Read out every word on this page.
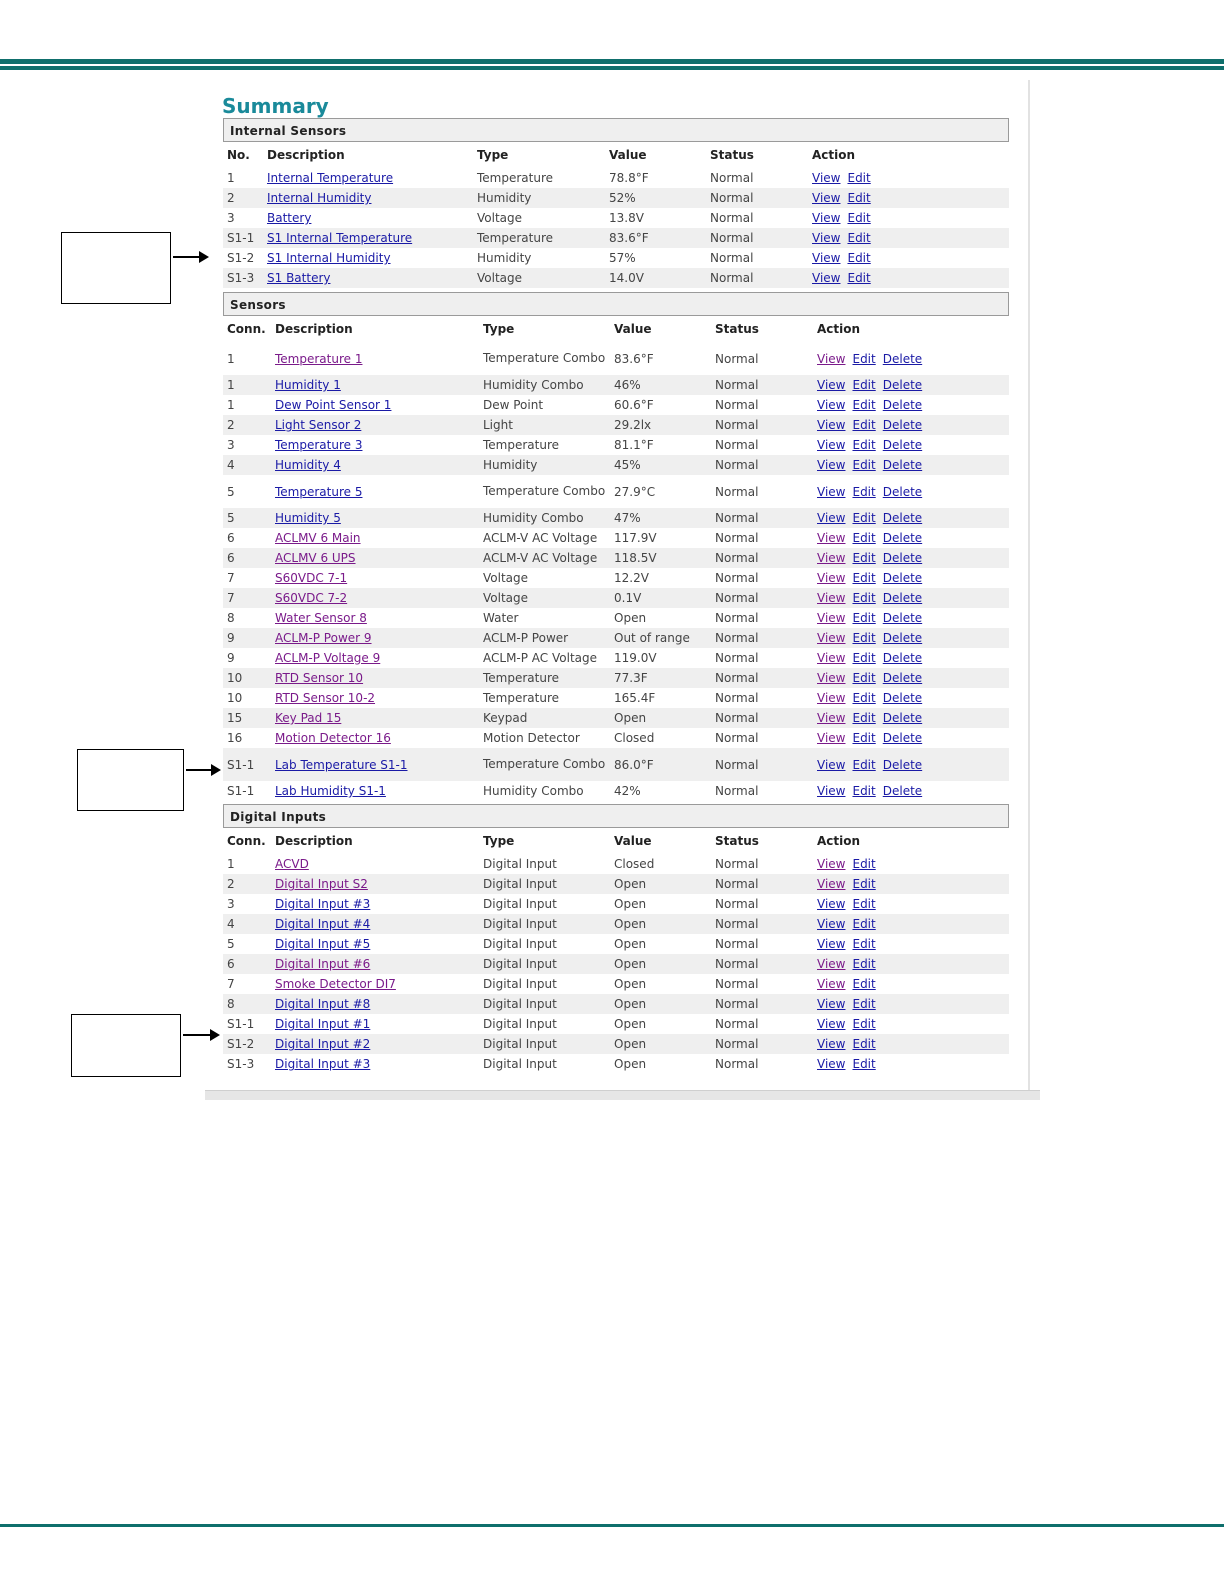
Summary
Internal Sensors
No.	Description	Type	Value	Status	Action
1	Internal Temperature	Temperature	78.8°F	Normal	View Edit
2	Internal Humidity	Humidity	52%	Normal	View Edit
3	Battery	Voltage	13.8V	Normal	View Edit
S1-1	S1 Internal Temperature	Temperature	83.6°F	Normal	View Edit
S1-2	S1 Internal Humidity	Humidity	57%	Normal	View Edit
S1-3	S1 Battery	Voltage	14.0V	Normal	View Edit
Sensors
Conn.	Description	Type	Value	Status	Action
1	Temperature 1	Temperature Combo	83.6°F	Normal	View Edit Delete
1	Humidity 1	Humidity Combo	46%	Normal	View Edit Delete
1	Dew Point Sensor 1	Dew Point	60.6°F	Normal	View Edit Delete
2	Light Sensor 2	Light	29.2lx	Normal	View Edit Delete
3	Temperature 3	Temperature	81.1°F	Normal	View Edit Delete
4	Humidity 4	Humidity	45%	Normal	View Edit Delete
5	Temperature 5	Temperature Combo	27.9°C	Normal	View Edit Delete
5	Humidity 5	Humidity Combo	47%	Normal	View Edit Delete
6	ACLMV 6 Main	ACLM-V AC Voltage	117.9V	Normal	View Edit Delete
6	ACLMV 6 UPS	ACLM-V AC Voltage	118.5V	Normal	View Edit Delete
7	S60VDC 7-1	Voltage	12.2V	Normal	View Edit Delete
7	S60VDC 7-2	Voltage	0.1V	Normal	View Edit Delete
8	Water Sensor 8	Water	Open	Normal	View Edit Delete
9	ACLM-P Power 9	ACLM-P Power	Out of range	Normal	View Edit Delete
9	ACLM-P Voltage 9	ACLM-P AC Voltage	119.0V	Normal	View Edit Delete
10	RTD Sensor 10	Temperature	77.3F	Normal	View Edit Delete
10	RTD Sensor 10-2	Temperature	165.4F	Normal	View Edit Delete
15	Key Pad 15	Keypad	Open	Normal	View Edit Delete
16	Motion Detector 16	Motion Detector	Closed	Normal	View Edit Delete
S1-1	Lab Temperature S1-1	Temperature Combo	86.0°F	Normal	View Edit Delete
S1-1	Lab Humidity S1-1	Humidity Combo	42%	Normal	View Edit Delete
Digital Inputs
Conn.	Description	Type	Value	Status	Action
1	ACVD	Digital Input	Closed	Normal	View Edit
2	Digital Input S2	Digital Input	Open	Normal	View Edit
3	Digital Input #3	Digital Input	Open	Normal	View Edit
4	Digital Input #4	Digital Input	Open	Normal	View Edit
5	Digital Input #5	Digital Input	Open	Normal	View Edit
6	Digital Input #6	Digital Input	Open	Normal	View Edit
7	Smoke Detector DI7	Digital Input	Open	Normal	View Edit
8	Digital Input #8	Digital Input	Open	Normal	View Edit
S1-1	Digital Input #1	Digital Input	Open	Normal	View Edit
S1-2	Digital Input #2	Digital Input	Open	Normal	View Edit
S1-3	Digital Input #3	Digital Input	Open	Normal	View Edit
